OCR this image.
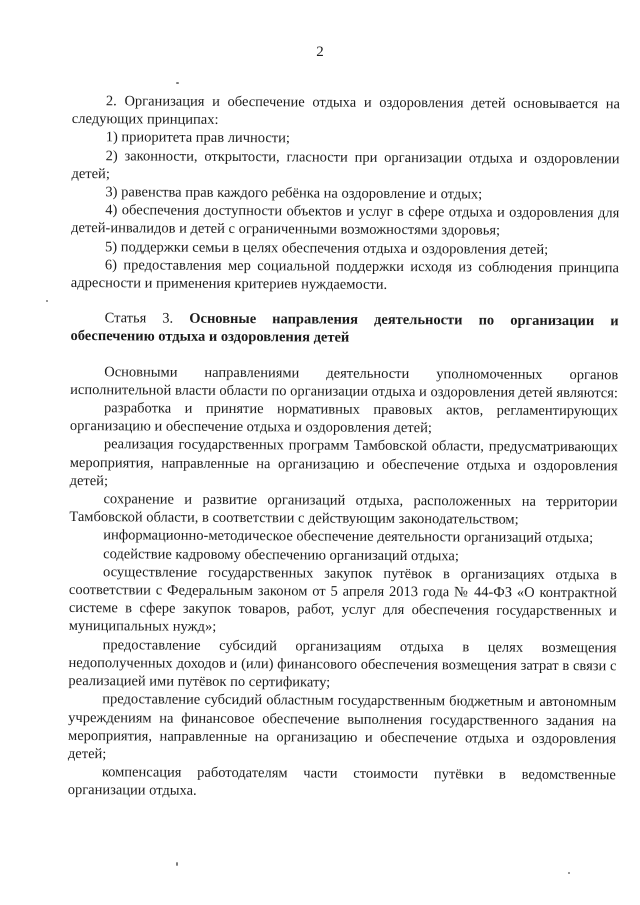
2

2. Организация и обеспечение отдыха и оздоровления детей основывается на следующих принципах:

1) приоритета прав личности;

2) законности, открытости, гласности при организации отдыха и оздоровлении детей;

3) равенства прав каждого ребёнка на оздоровление и отдых;

4) обеспечения доступности объектов и услуг в сфере отдыха и оздоровления для детей-инвалидов и детей с ограниченными возможностями здоровья;

5) поддержки семьи в целях обеспечения отдыха и оздоровления детей;

6) предоставления мер социальной поддержки исходя из соблюдения принципа адресности и применения критериев нуждаемости.

Статья 3. Основные направления деятельности по организации и обеспечению отдыха и оздоровления детей

Основными направлениями деятельности уполномоченных органов исполнительной власти области по организации отдыха и оздоровления детей являются:

разработка и принятие нормативных правовых актов, регламентирующих организацию и обеспечение отдыха и оздоровления детей;

реализация государственных программ Тамбовской области, предусматривающих мероприятия, направленные на организацию и обеспечение отдыха и оздоровления детей;

сохранение и развитие организаций отдыха, расположенных на территории Тамбовской области, в соответствии с действующим законодательством;

информационно-методическое обеспечение деятельности организаций отдыха;

содействие кадровому обеспечению организаций отдыха;

осуществление государственных закупок путёвок в организациях отдыха в соответствии с Федеральным законом от 5 апреля 2013 года № 44-ФЗ «О контрактной системе в сфере закупок товаров, работ, услуг для обеспечения государственных и муниципальных нужд»;

предоставление субсидий организациям отдыха в целях возмещения недополученных доходов и (или) финансового обеспечения возмещения затрат в связи с реализацией ими путёвок по сертификату;

предоставление субсидий областным государственным бюджетным и автономным учреждениям на финансовое обеспечение выполнения государственного задания на мероприятия, направленные на организацию и обеспечение отдыха и оздоровления детей;

компенсация работодателям части стоимости путёвки в ведомственные организации отдыха.
